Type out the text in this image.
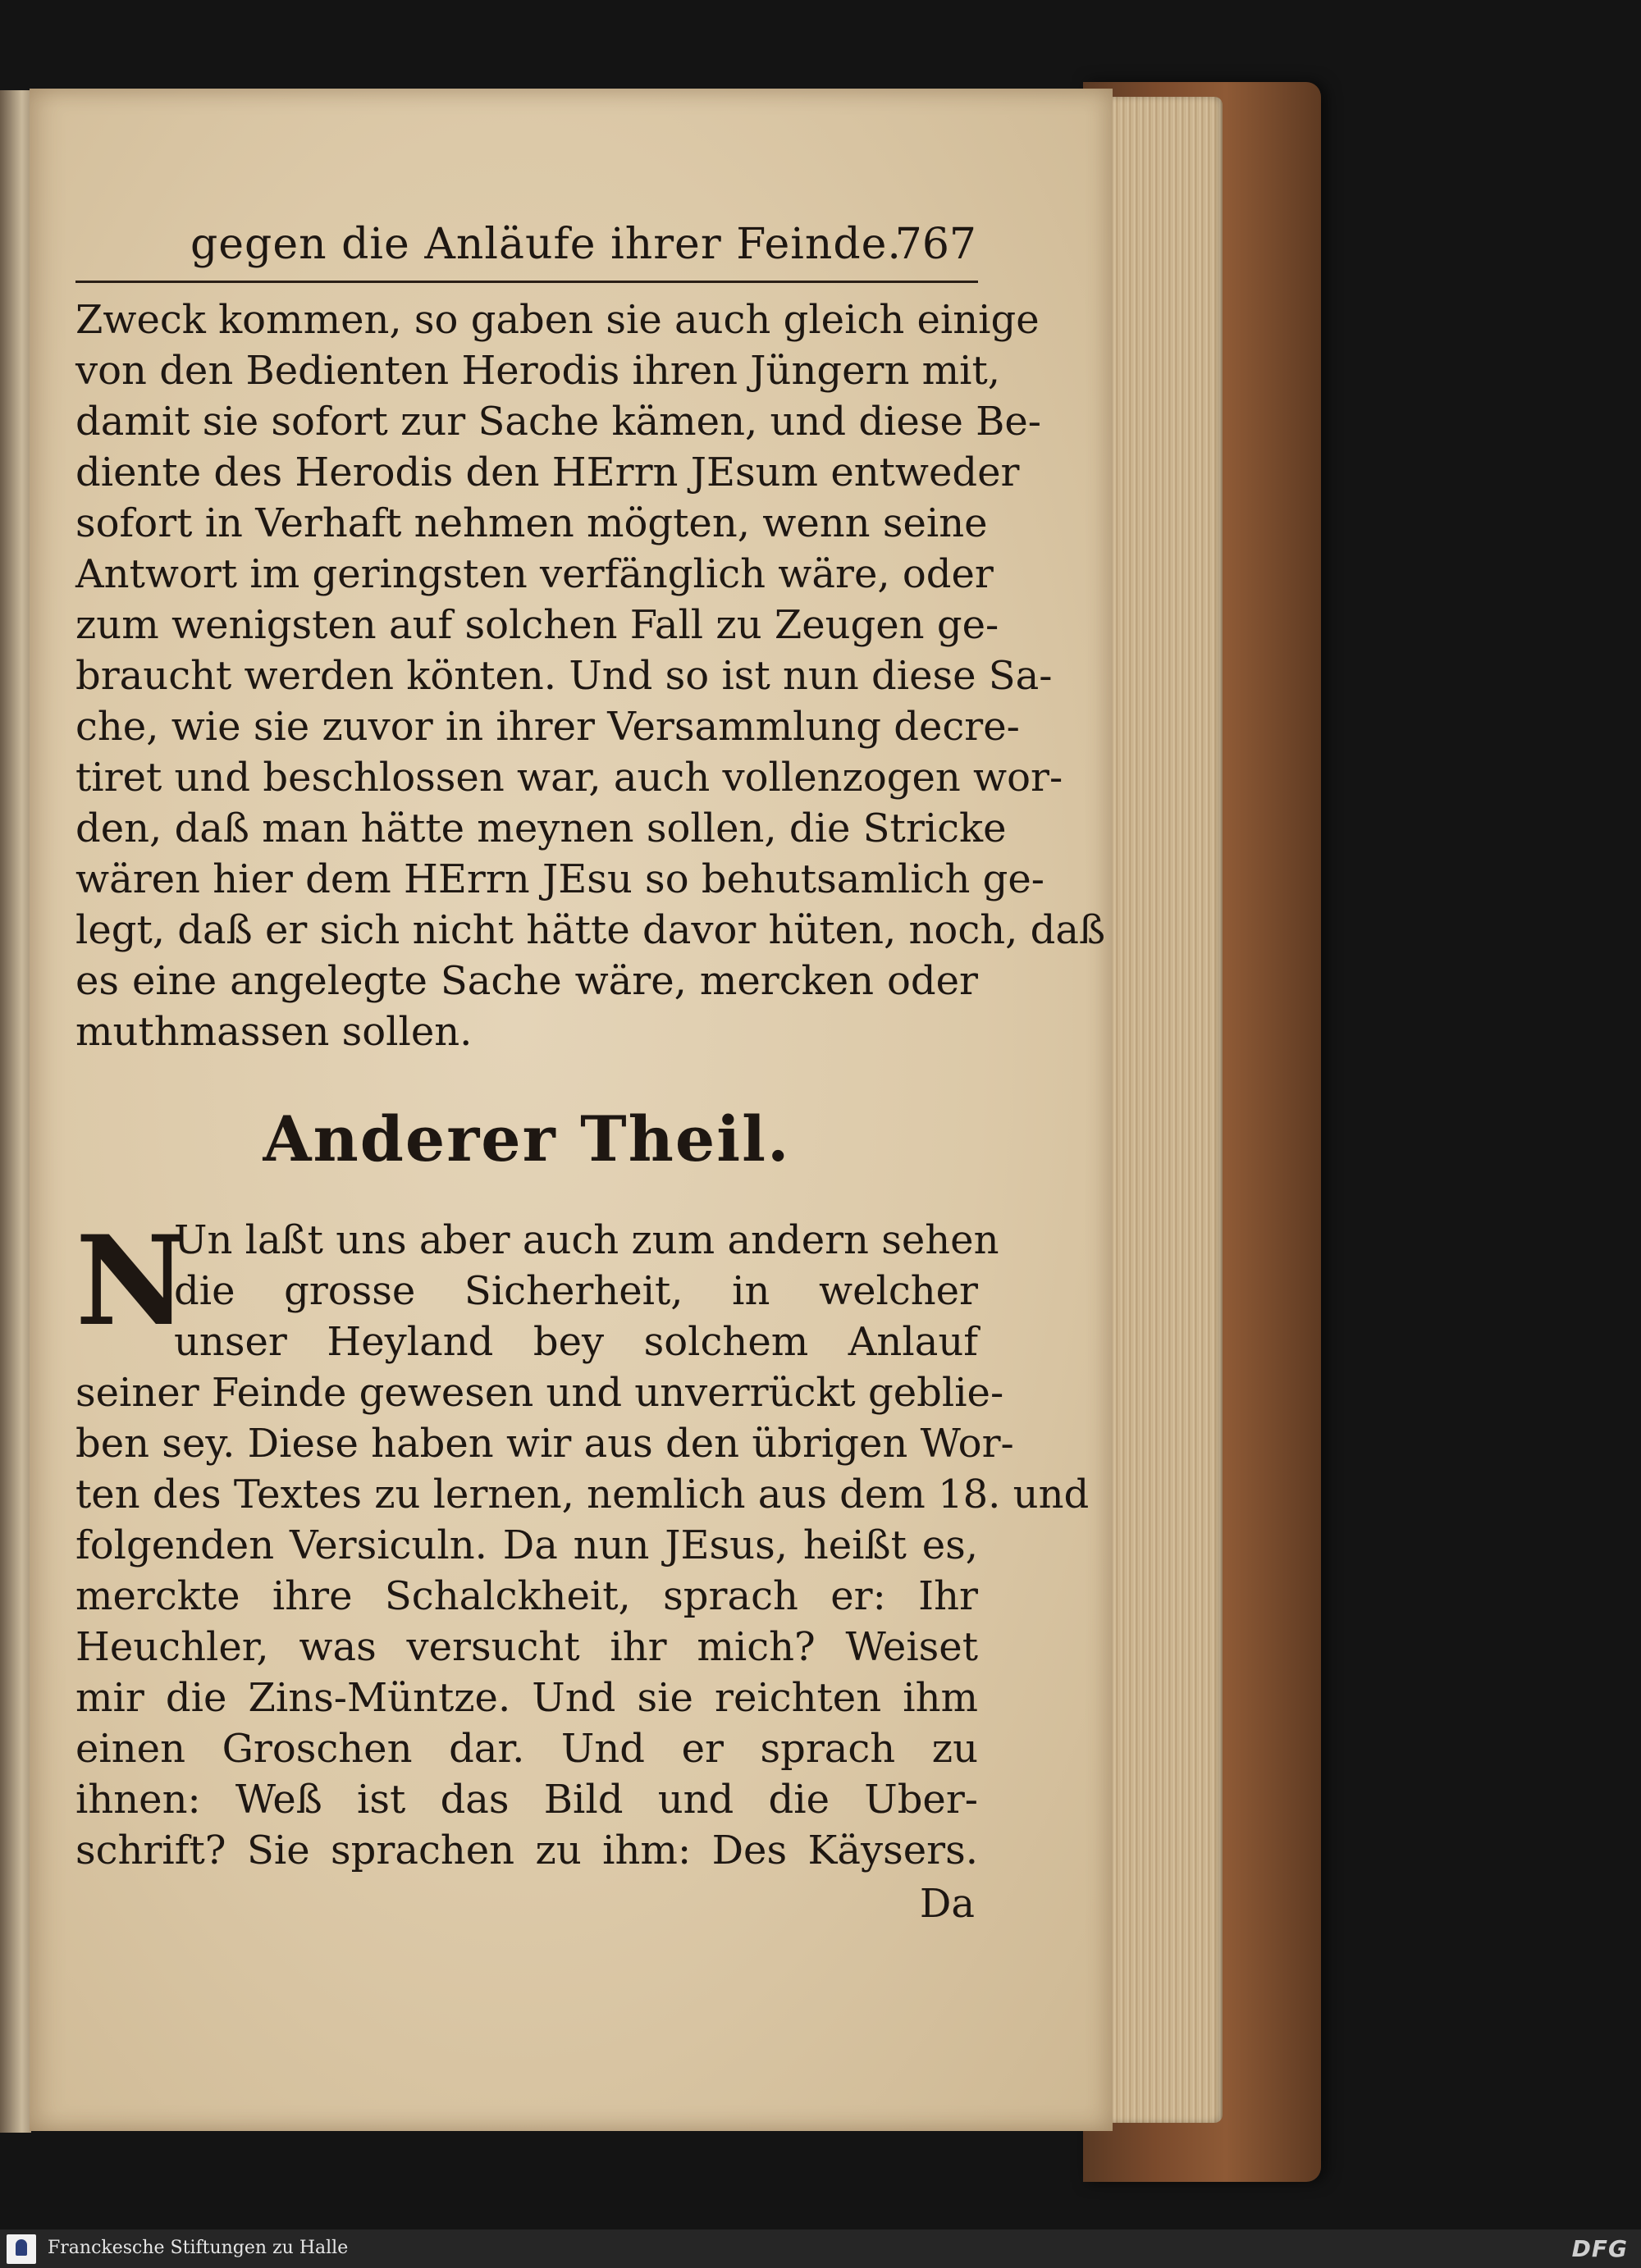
gegen die Anläufe ihrer Feinde.
767
Zweck kommen, so gaben sie auch gleich einige
von den Bedienten Herodis ihren Jüngern mit,
damit sie sofort zur Sache kämen, und diese Be-
diente des Herodis den HErrn JEsum entweder
sofort in Verhaft nehmen mögten, wenn seine
Antwort im geringsten verfänglich wäre, oder
zum wenigsten auf solchen Fall zu Zeugen ge-
braucht werden könten. Und so ist nun diese Sa-
che, wie sie zuvor in ihrer Versammlung decre-
tiret und beschlossen war, auch vollenzogen wor-
den, daß man hätte meynen sollen, die Stricke
wären hier dem HErrn JEsu so behutsamlich ge-
legt, daß er sich nicht hätte davor hüten, noch, daß
es eine angelegte Sache wäre, mercken oder
muthmassen sollen.
Anderer Theil.
N
Un laßt uns aber auch zum andern sehen
die grosse Sicherheit, in welcher
unser Heyland bey solchem Anlauf
seiner Feinde gewesen und unverrückt geblie-
ben sey. Diese haben wir aus den übrigen Wor-
ten des Textes zu lernen, nemlich aus dem 18. und
folgenden Versiculn. Da nun JEsus, heißt es,
merckte ihre Schalckheit, sprach er: Ihr
Heuchler, was versucht ihr mich? Weiset
mir die Zins-Müntze. Und sie reichten ihm
einen Groschen dar. Und er sprach zu
ihnen: Weß ist das Bild und die Uber-
schrift? Sie sprachen zu ihm: Des Käysers.
Da
Franckesche Stiftungen zu Halle	DFG
